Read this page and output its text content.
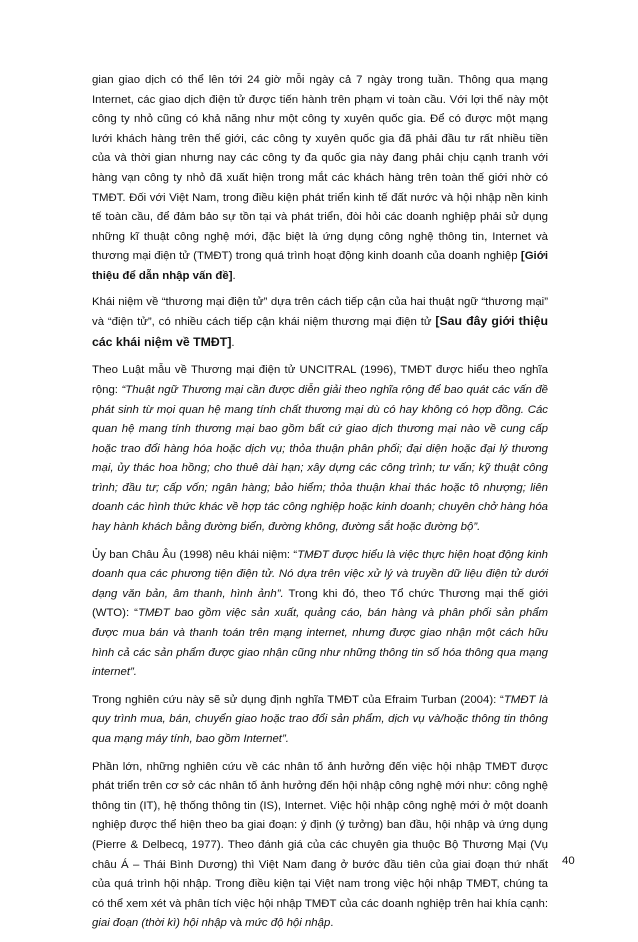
gian giao dịch có thể lên tới 24 giờ mỗi ngày cả 7 ngày trong tuần. Thông qua mạng Internet, các giao dịch điện tử được tiến hành trên phạm vi toàn cầu. Với lợi thế này một công ty nhỏ cũng có khả năng như một công ty xuyên quốc gia. Để có được một mạng lưới khách hàng trên thế giới, các công ty xuyên quốc gia đã phải đầu tư rất nhiều tiền của và thời gian nhưng nay các công ty đa quốc gia này đang phải chịu cạnh tranh với hàng vạn công ty nhỏ đã xuất hiện trong mắt các khách hàng trên toàn thế giới nhờ có TMĐT. Đối với Việt Nam, trong điều kiện phát triển kinh tế đất nước và hội nhập nền kinh tế toàn cầu, để đảm bảo sự tồn tại và phát triển, đòi hỏi các doanh nghiệp phải sử dụng những kĩ thuật công nghệ mới, đặc biệt là ứng dụng công nghệ thông tin, Internet và thương mại điện tử (TMĐT) trong quá trình hoạt động kinh doanh của doanh nghiệp [Giới thiệu để dẫn nhập vấn đề].

Khái niệm về “thương mại điện tử” dựa trên cách tiếp cận của hai thuật ngữ “thương mại” và “điện tử”, có nhiều cách tiếp cận khái niệm thương mại điện tử [Sau đây giới thiệu các khái niệm về TMĐT].

Theo Luật mẫu về Thương mại điện tử UNCITRAL (1996), TMĐT được hiểu theo nghĩa rộng: “Thuật ngữ Thương mại cần được diễn giải theo nghĩa rộng để bao quát các vấn đề phát sinh từ mọi quan hệ mang tính chất thương mại dù có hay không có hợp đồng. Các quan hệ mang tính thương mại bao gồm bất cứ giao dịch thương mại nào về cung cấp hoặc trao đổi hàng hóa hoặc dịch vụ; thỏa thuận phân phối; đại diện hoặc đại lý thương mại, ủy thác hoa hồng; cho thuê dài hạn; xây dựng các công trình; tư vấn; kỹ thuật công trình; đầu tư; cấp vốn; ngân hàng; bảo hiểm; thỏa thuận khai thác hoặc tô nhượng; liên doanh các hình thức khác về hợp tác công nghiệp hoặc kinh doanh; chuyên chở hàng hóa hay hành khách bằng đường biển, đường không, đường sắt hoặc đường bộ”.

Ủy ban Châu Âu (1998) nêu khái niệm: “TMĐT được hiểu là việc thực hiện hoạt động kinh doanh qua các phương tiện điện tử. Nó dựa trên việc xử lý và truyền dữ liệu điện tử dưới dạng văn bản, âm thanh, hình ảnh”. Trong khi đó, theo Tổ chức Thương mại thế giới (WTO): “TMĐT bao gồm việc sản xuất, quảng cáo, bán hàng và phân phối sản phẩm được mua bán và thanh toán trên mạng internet, nhưng được giao nhận một cách hữu hình cả các sản phẩm được giao nhận cũng như những thông tin số hóa thông qua mạng internet”.

Trong nghiên cứu này sẽ sử dụng định nghĩa TMĐT của Efraim Turban (2004): “TMĐT là quy trình mua, bán, chuyển giao hoặc trao đổi sản phẩm, dịch vụ và/hoặc thông tin thông qua mạng máy tính, bao gồm Internet”.

Phần lớn, những nghiên cứu về các nhân tố ảnh hưởng đến việc hội nhập TMĐT được phát triển trên cơ sở các nhân tố ảnh hưởng đến hội nhập công nghệ mới như: công nghệ thông tin (IT), hệ thống thông tin (IS), Internet. Việc hội nhập công nghệ mới ở một doanh nghiệp được thể hiện theo ba giai đoạn: ý định (ý tưởng) ban đầu, hội nhập và ứng dụng (Pierre & Delbecq, 1977). Theo đánh giá của các chuyên gia thuộc Bộ Thương Mại (Vụ châu Á – Thái Bình Dương) thì Việt Nam đang ở bước đầu tiên của giai đoạn thứ nhất của quá trình hội nhập. Trong điều kiện tại Việt nam trong việc hội nhập TMĐT, chúng ta có thể xem xét và phân tích việc hội nhập TMĐT của các doanh nghiệp trên hai khía cạnh: giai đoạn (thời kì) hội nhập và mức độ hội nhập.

40
